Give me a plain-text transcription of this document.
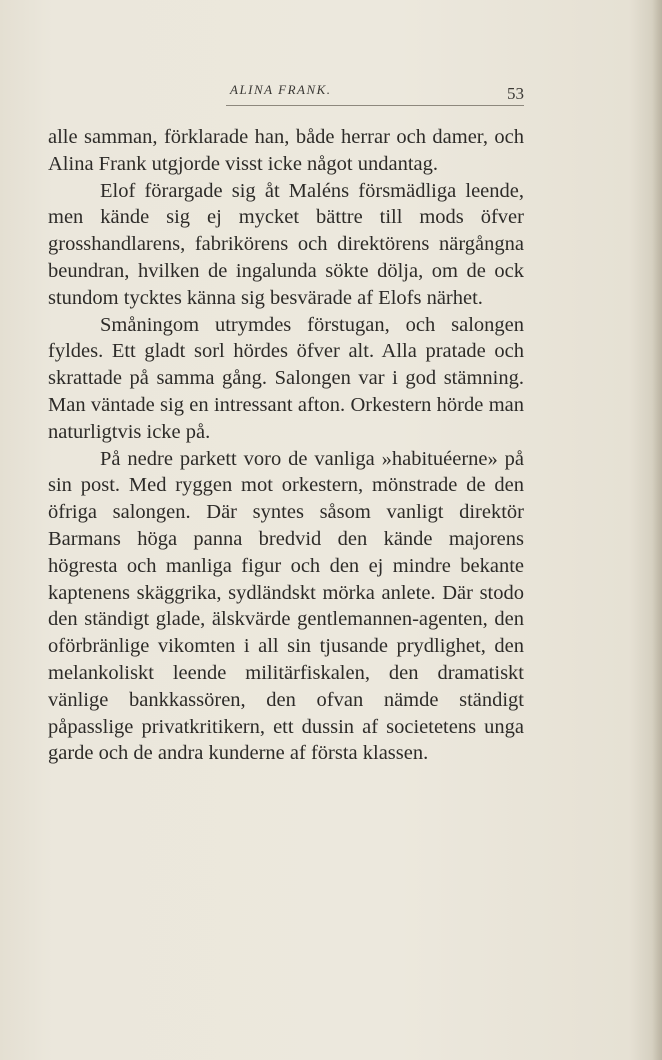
ALINA FRANK.	53

alle samman, förklarade han, både herrar och damer, och Alina Frank utgjorde visst icke något undantag.

Elof förargade sig åt Maléns försmädliga leende, men kände sig ej mycket bättre till mods öfver grosshandlarens, fabrikörens och direktörens närgångna beundran, hvilken de ingalunda sökte dölja, om de ock stundom tycktes känna sig besvärade af Elofs närhet.

Småningom utrymdes förstugan, och salongen fyldes. Ett gladt sorl hördes öfver alt. Alla pratade och skrattade på samma gång. Salongen var i god stämning. Man väntade sig en intressant afton. Orkestern hörde man naturligtvis icke på.

På nedre parkett voro de vanliga »habituéerne» på sin post. Med ryggen mot orkestern, mönstrade de den öfriga salongen. Där syntes såsom vanligt direktör Barmans höga panna bredvid den kände majorens högresta och manliga figur och den ej mindre bekante kaptenens skäggrika, sydländskt mörka anlete. Där stodo den ständigt glade, älskvärde gentlemannen-agenten, den oförbränlige vikomten i all sin tjusande prydlighet, den melankoliskt leende militärfiskalen, den dramatiskt vänlige bankkassören, den ofvan nämde ständigt påpasslige privatkritikern, ett dussin af societetens unga garde och de andra kunderne af första klassen.
